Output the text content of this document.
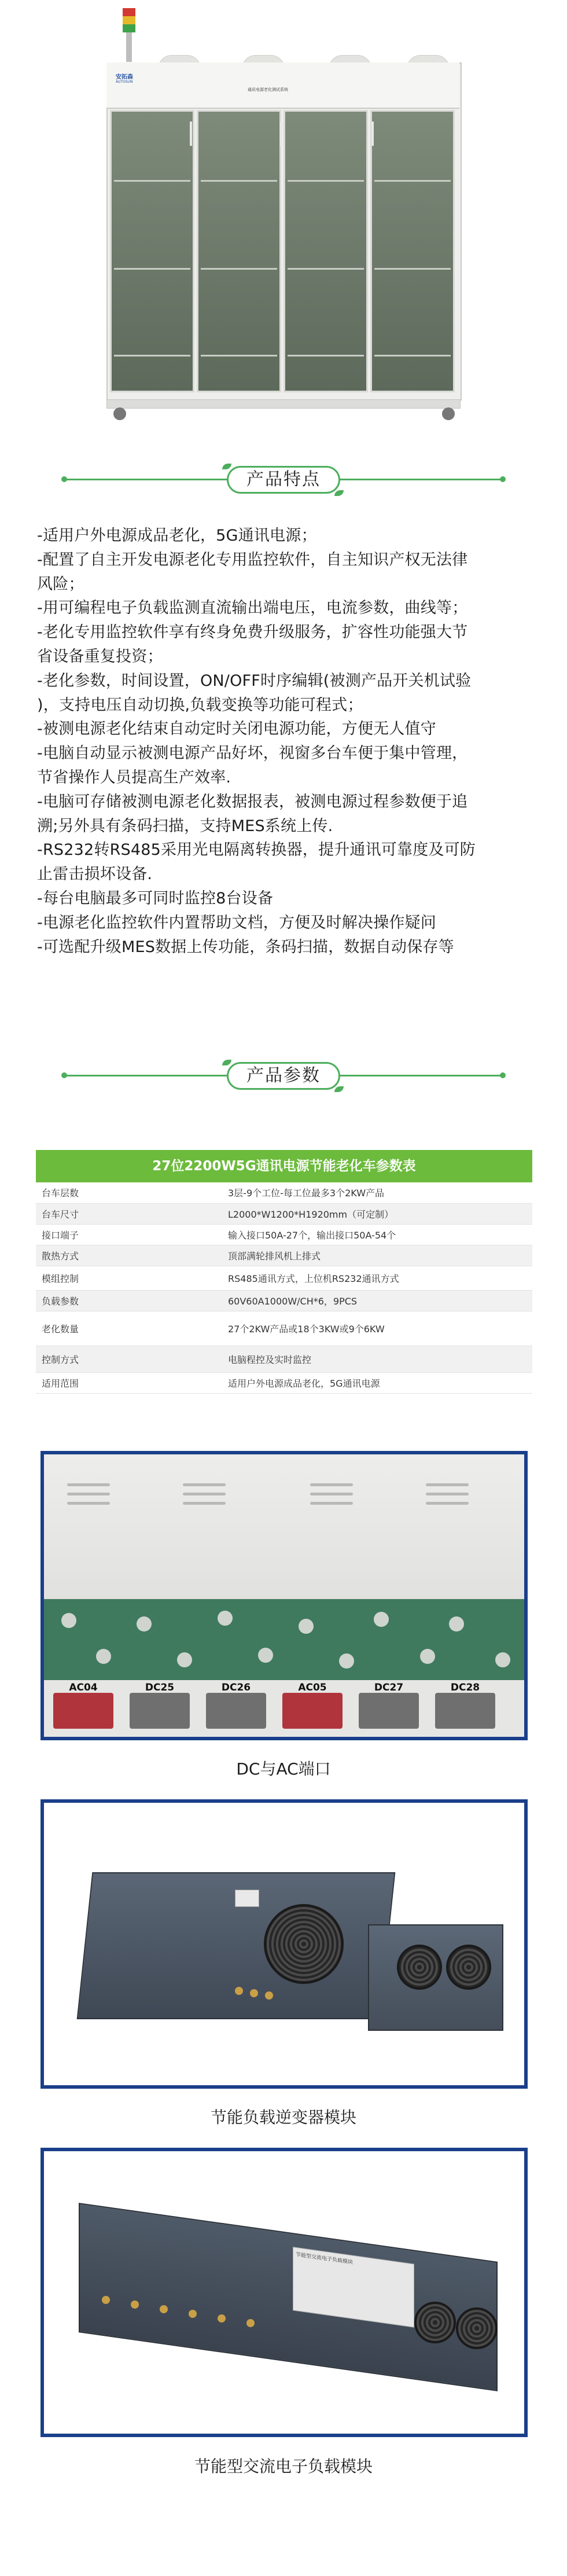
安拓森
AUTOSUN
通讯电源老化测试系统
产品特点
-适用户外电源成品老化，5G通讯电源；
-配置了自主开发电源老化专用监控软件，自主知识产权无法律
风险；
-用可编程电子负载监测直流输出端电压，电流参数，曲线等；
-老化专用监控软件享有终身免费升级服务，扩容性功能强大节
省设备重复投资；
-老化参数，时间设置，ON/OFF时序编辑(被测产品开关机试验
)，支持电压自动切换,负载变换等功能可程式；
-被测电源老化结束自动定时关闭电源功能，方便无人值守
-电脑自动显示被测电源产品好坏，视窗多台车便于集中管理，
节省操作人员提高生产效率.
-电脑可存储被测电源老化数据报表，被测电源过程参数便于追
溯;另外具有条码扫描，支持MES系统上传.
-RS232转RS485采用光电隔离转换器，提升通讯可靠度及可防
止雷击损坏设备.
-每台电脑最多可同时监控8台设备
-电源老化监控软件内置帮助文档，方便及时解决操作疑问
-可选配升级MES数据上传功能，条码扫描，数据自动保存等
产品参数
27位2200W5G通讯电源节能老化车参数表
台车层数	3层-9个工位-每工位最多3个2KW产品
台车尺寸	L2000*W1200*H1920mm（可定制）
接口端子	输入接口50A-27个，输出接口50A-54个
散热方式	顶部满轮排风机上排式
模组控制	RS485通讯方式，上位机RS232通讯方式
负载参数	60V60A1000W/CH*6，9PCS
老化数量	27个2KW产品或18个3KW或9个6KW
控制方式	电脑程控及实时监控
适用范围	适用户外电源成品老化，5G通讯电源
AC04	DC25	DC26	AC05	DC27	DC28
DC与AC端口
节能负载逆变器模块
节能型交流电子负载模块
节能型交流电子负载模块
